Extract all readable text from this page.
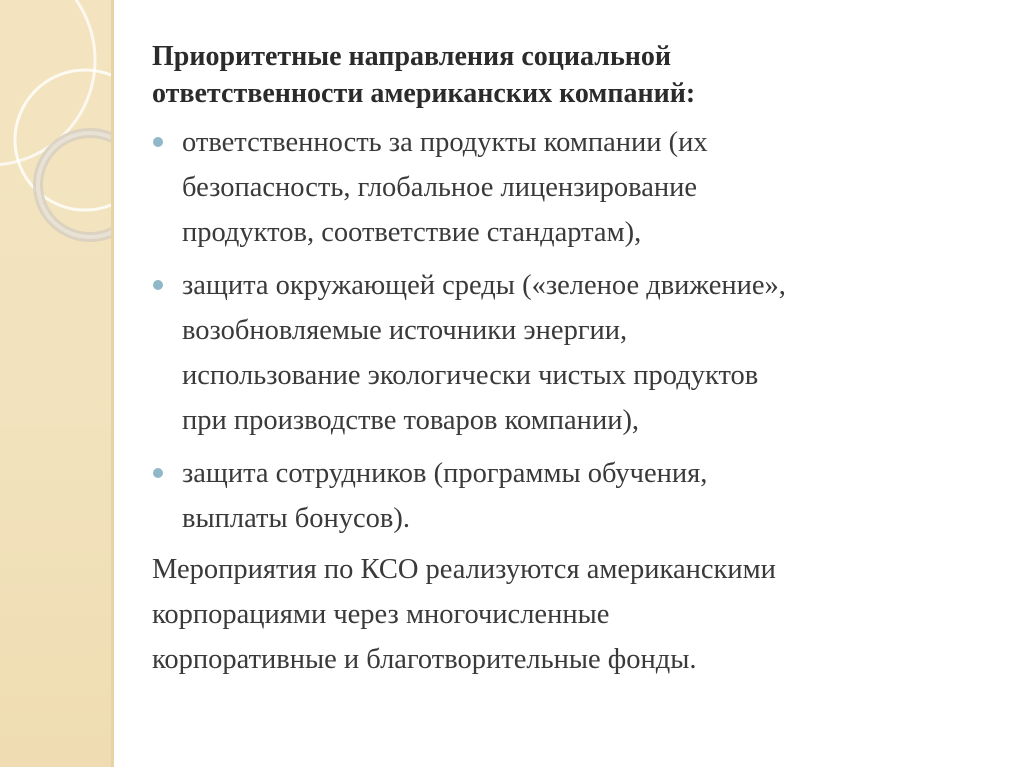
Приоритетные направления социальной
ответственности американских компаний:
ответственность за продукты компании (их
безопасность, глобальное лицензирование
продуктов, соответствие стандартам),
защита окружающей среды («зеленое движение»,
возобновляемые источники энергии,
использование экологически чистых продуктов
при производстве товаров компании),
защита сотрудников (программы обучения,
выплаты бонусов).

Мероприятия по КСО реализуются американскими
корпорациями через многочисленные
корпоративные и благотворительные фонды.
